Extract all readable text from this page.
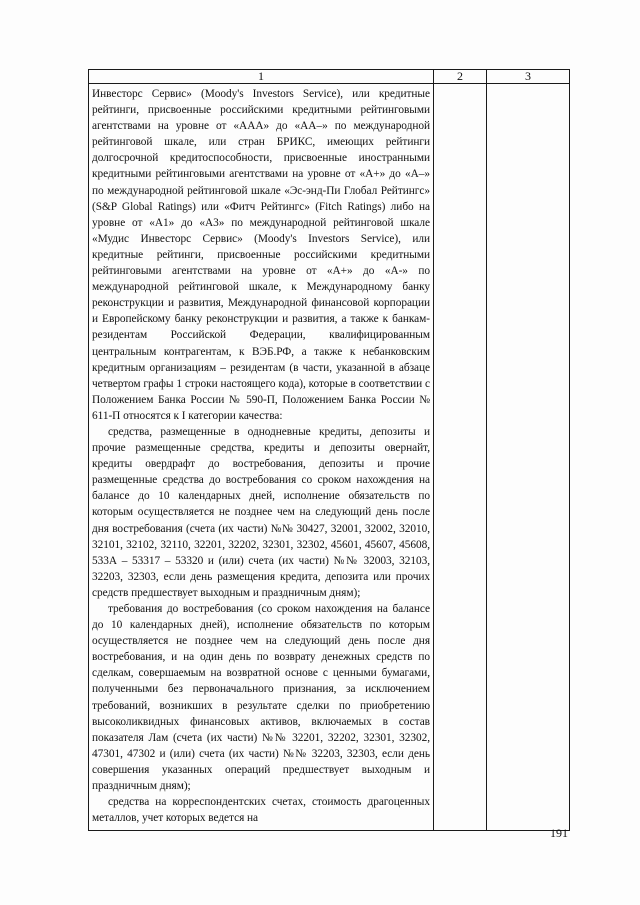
1	2	3

Инвесторс Сервис» (Moody's Investors Service), или кредитные рейтинги, присвоенные российскими кредитными рейтинговыми агентствами на уровне от «ААА» до «АА–» по международной рейтинговой шкале, или стран БРИКС, имеющих рейтинги долгосрочной кредитоспособности, присвоенные иностранными кредитными рейтинговыми агентствами на уровне от «А+» до «А–» по международной рейтинговой шкале «Эс-энд-Пи Глобал Рейтингс» (S&P Global Ratings) или «Фитч Рейтингс» (Fitch Ratings) либо на уровне от «А1» до «А3» по международной рейтинговой шкале «Мудис Инвесторс Сервис» (Moody's Investors Service), или кредитные рейтинги, присвоенные российскими кредитными рейтинговыми агентствами на уровне от «А+» до «А-» по международной рейтинговой шкале, к Международному банку реконструкции и развития, Международной финансовой корпорации и Европейскому банку реконструкции и развития, а также к банкам-резидентам Российской Федерации, квалифицированным центральным контрагентам, к ВЭБ.РФ, а также к небанковским кредитным организациям – резидентам (в части, указанной в абзаце четвертом графы 1 строки настоящего кода), которые в соответствии с Положением Банка России № 590-П, Положением Банка России № 611-П относятся к I категории качества:

средства, размещенные в однодневные кредиты, депозиты и прочие размещенные средства, кредиты и депозиты овернайт, кредиты овердрафт до востребования, депозиты и прочие размещенные средства до востребования со сроком нахождения на балансе до 10 календарных дней, исполнение обязательств по которым осуществляется не позднее чем на следующий день после дня востребования (счета (их части) №№ 30427, 32001, 32002, 32010, 32101, 32102, 32110, 32201, 32202, 32301, 32302, 45601, 45607, 45608, 533А – 53317 – 53320 и (или) счета (их части) №№ 32003, 32103, 32203, 32303, если день размещения кредита, депозита или прочих средств предшествует выходным и праздничным дням);

требования до востребования (со сроком нахождения на балансе до 10 календарных дней), исполнение обязательств по которым осуществляется не позднее чем на следующий день после дня востребования, и на один день по возврату денежных средств по сделкам, совершаемым на возвратной основе с ценными бумагами, полученными без первоначального признания, за исключением требований, возникших в результате сделки по приобретению высоколиквидных финансовых активов, включаемых в состав показателя Лам (счета (их части) №№ 32201, 32202, 32301, 32302, 47301, 47302 и (или) счета (их части) №№ 32203, 32303, если день совершения указанных операций предшествует выходным и праздничным дням);

средства на корреспондентских счетах, стоимость драгоценных металлов, учет которых ведется на		

191
